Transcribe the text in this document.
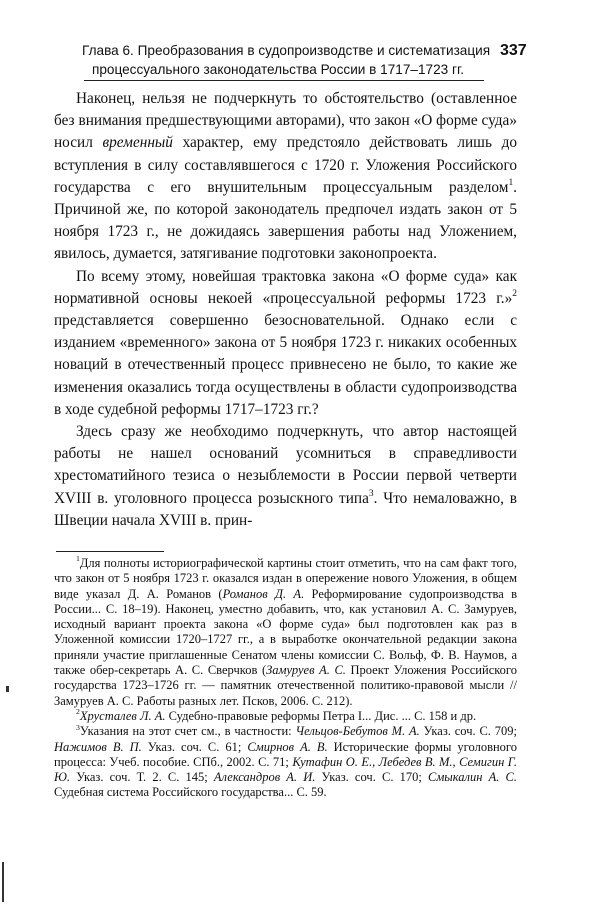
Глава 6. Преобразования в судопроизводстве и систематизация
процессуального законодательства России в 1717–1723 гг.
337

Наконец, нельзя не подчеркнуть то обстоятельство (оставленное без внимания предшествующими авторами), что закон «О форме суда» носил временный характер, ему предстояло действовать лишь до вступления в силу составлявшегося с 1720 г. Уложения Российского государства с его внушительным процессуальным разделом$^1$. Причиной же, по которой законодатель предпочел издать закон от 5 ноября 1723 г., не дожидаясь завершения работы над Уложением, явилось, думается, затягивание подготовки законопроекта.

По всему этому, новейшая трактовка закона «О форме суда» как нормативной основы некоей «процессуальной реформы 1723 г.»$^2$ представляется совершенно безосновательной. Однако если с изданием «временного» закона от 5 ноября 1723 г. никаких особенных новаций в отечественный процесс привнесено не было, то какие же изменения оказались тогда осуществлены в области судопроизводства в ходе судебной реформы 1717–1723 гг.?

Здесь сразу же необходимо подчеркнуть, что автор настоящей работы не нашел оснований усомниться в справедливости хрестоматийного тезиса о незыблемости в России первой четверти XVIII в. уголовного процесса розыскного типа$^3$. Что немаловажно, в Швеции начала XVIII в. прин-

$^1$Для полноты историографической картины стоит отметить, что на сам факт того, что закон от 5 ноября 1723 г. оказался издан в опережение нового Уложения, в общем виде указал Д. А. Романов (Романов Д. А. Реформирование судопроизводства в России... С. 18–19). Наконец, уместно добавить, что, как установил А. С. Замуруев, исходный вариант проекта закона «О форме суда» был подготовлен как раз в Уложенной комиссии 1720–1727 гг., а в выработке окончательной редакции закона приняли участие приглашенные Сенатом члены комиссии С. Вольф, Ф. В. Наумов, а также обер-секретарь А. С. Сверчков (Замуруев А. С. Проект Уложения Российского государства 1723–1726 гг. — памятник отечественной политико-правовой мысли // Замуруев А. С. Работы разных лет. Псков, 2006. С. 212).

$^2$Хрусталев Л. А. Судебно-правовые реформы Петра I... Дис. ... С. 158 и др.

$^3$Указания на этот счет см., в частности: Чельцов-Бебутов М. А. Указ. соч. С. 709; Нажимов В. П. Указ. соч. С. 61; Смирнов А. В. Исторические формы уголовного процесса: Учеб. пособие. СПб., 2002. С. 71; Кутафин О. Е., Лебедев В. М., Семигин Г. Ю. Указ. соч. Т. 2. С. 145; Александров А. И. Указ. соч. С. 170; Смыкалин А. С. Судебная система Российского государства... С. 59.
